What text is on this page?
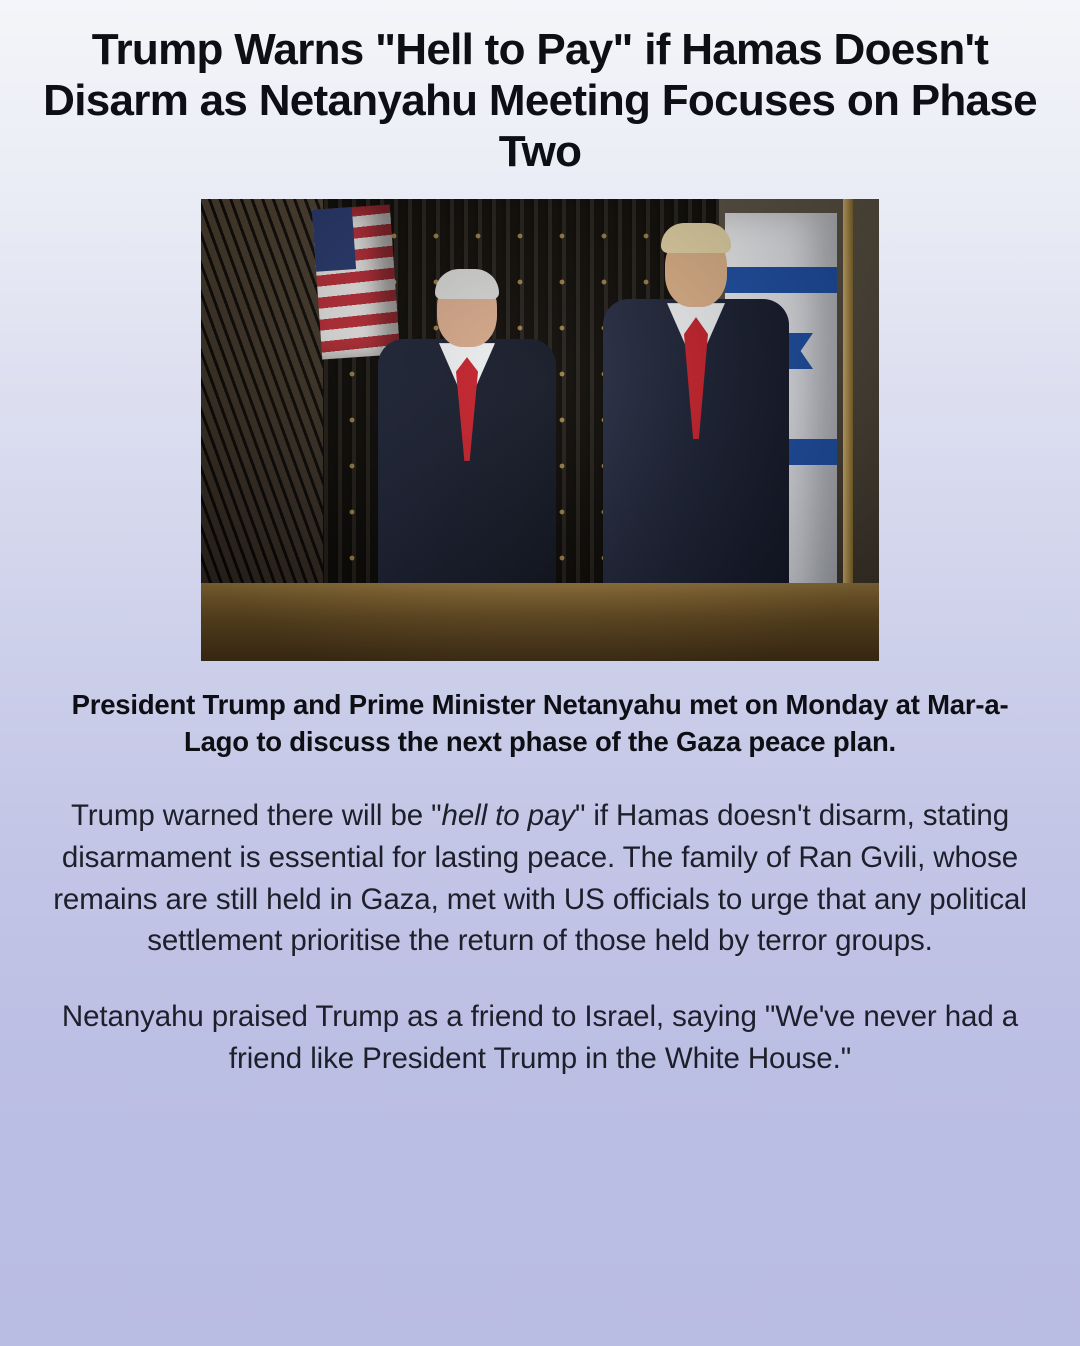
Trump Warns "Hell to Pay" if Hamas Doesn't Disarm as Netanyahu Meeting Focuses on Phase Two
President Trump and Prime Minister Netanyahu met on Monday at Mar-a-Lago to discuss the next phase of the Gaza peace plan.

Trump warned there will be "hell to pay" if Hamas doesn't disarm, stating disarmament is essential for lasting peace. The family of Ran Gvili, whose remains are still held in Gaza, met with US officials to urge that any political settlement prioritise the return of those held by terror groups.

Netanyahu praised Trump as a friend to Israel, saying "We've never had a friend like President Trump in the White House."
